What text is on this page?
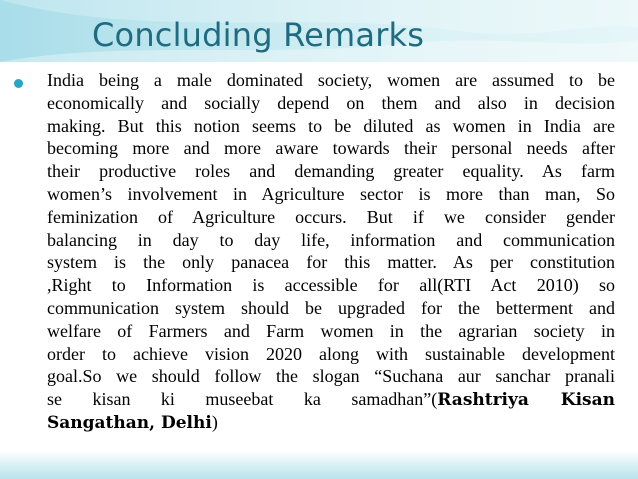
Concluding Remarks
India being a male dominated society, women are assumed to be
economically and socially depend on them and also in decision
making. But this notion seems to be diluted as women in India are
becoming more and more aware towards their personal needs after
their productive roles and demanding greater equality. As farm
women’s involvement in Agriculture sector is more than man, So
feminization of Agriculture occurs. But if we consider gender
balancing in day to day life, information and communication
system is the only panacea for this matter. As per constitution
,Right to Information is accessible for all(RTI Act 2010) so
communication system should be upgraded for the betterment and
welfare of Farmers and Farm women in the agrarian society in
order to achieve vision 2020 along with sustainable development
goal.So we should follow the slogan “Suchana aur sanchar pranali
se kisan ki museebat ka samadhan”(Rashtriya Kisan
Sangathan, Delhi)
